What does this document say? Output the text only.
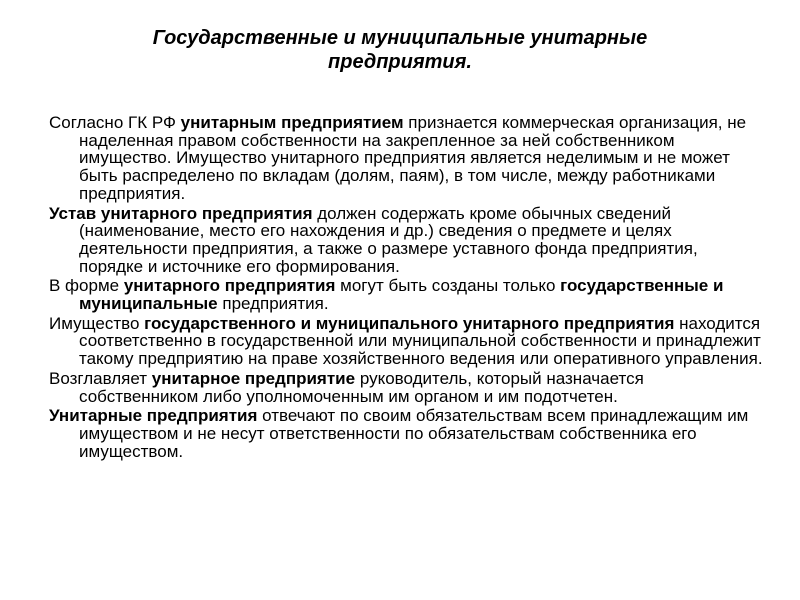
Государственные и муниципальные унитарные
предприятия.

Согласно ГК РФ унитарным предприятием признается коммерческая организация, не наделенная правом собственности на закрепленное за ней собственником имущество. Имущество унитарного предприятия является неделимым и не может быть распределено по вкладам (долям, паям), в том числе, между работниками предприятия.

Устав унитарного предприятия должен содержать кроме обычных сведений (наименование, место его нахождения и др.) сведения о предмете и целях деятельности предприятия, а также о размере уставного фонда предприятия, порядке и источнике его формирования.

В форме унитарного предприятия могут быть созданы только государственные и муниципальные предприятия.

Имущество государственного и муниципального унитарного предприятия находится соответственно в государственной или муниципальной собственности и принадлежит такому предприятию на праве хозяйственного ведения или оперативного управления.

Возглавляет унитарное предприятие руководитель, который назначается собственником либо уполномоченным им органом и им подотчетен.

Унитарные предприятия отвечают по своим обязательствам всем принадлежащим им имуществом и не несут ответственности по обязательствам собственника его имуществом.
